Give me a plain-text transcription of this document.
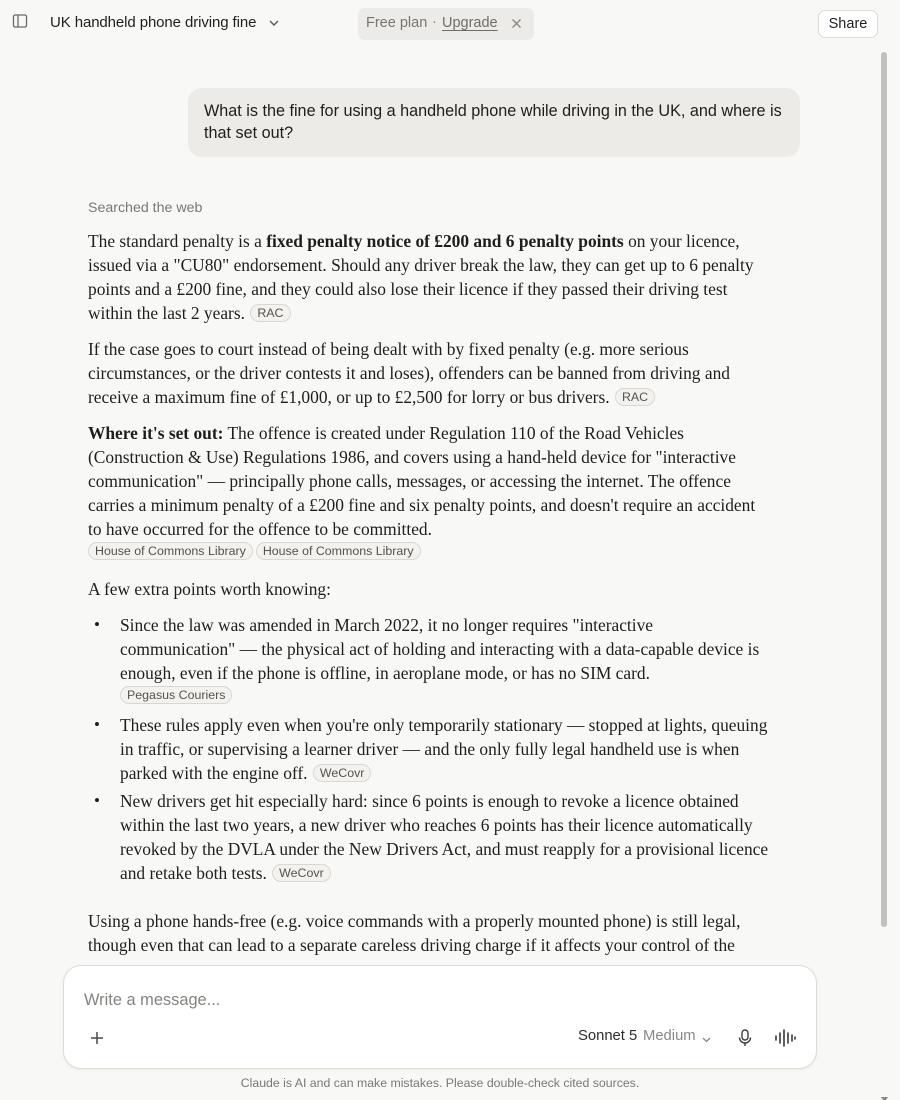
UK handheld phone driving fine	Free plan · Upgrade	Share
What is the fine for using a handheld phone while driving in the UK, and where is that set out?
Searched the web

The standard penalty is a fixed penalty notice of £200 and 6 penalty points on your licence, issued via a "CU80" endorsement. Should any driver break the law, they can get up to 6 penalty points and a £200 fine, and they could also lose their licence if they passed their driving test within the last 2 years. RAC

If the case goes to court instead of being dealt with by fixed penalty (e.g. more serious circumstances, or the driver contests it and loses), offenders can be banned from driving and receive a maximum fine of £1,000, or up to £2,500 for lorry or bus drivers. RAC

Where it's set out: The offence is created under Regulation 110 of the Road Vehicles (Construction & Use) Regulations 1986, and covers using a hand-held device for "interactive communication" — principally phone calls, messages, or accessing the internet. The offence carries a minimum penalty of a £200 fine and six penalty points, and doesn't require an accident to have occurred for the offence to be committed.
House of Commons Library House of Commons Library

A few extra points worth knowing:

• Since the law was amended in March 2022, it no longer requires "interactive communication" — the physical act of holding and interacting with a data-capable device is enough, even if the phone is offline, in aeroplane mode, or has no SIM card.
Pegasus Couriers
• These rules apply even when you're only temporarily stationary — stopped at lights, queuing in traffic, or supervising a learner driver — and the only fully legal handheld use is when parked with the engine off. WeCovr
• New drivers get hit especially hard: since 6 points is enough to revoke a licence obtained within the last two years, a new driver who reaches 6 points has their licence automatically revoked by the DVLA under the New Drivers Act, and must reapply for a provisional licence and retake both tests. WeCovr

Using a phone hands-free (e.g. voice commands with a properly mounted phone) is still legal, though even that can lead to a separate careless driving charge if it affects your control of the

Write a message...
Sonnet 5 Medium
Claude is AI and can make mistakes. Please double-check cited sources.
